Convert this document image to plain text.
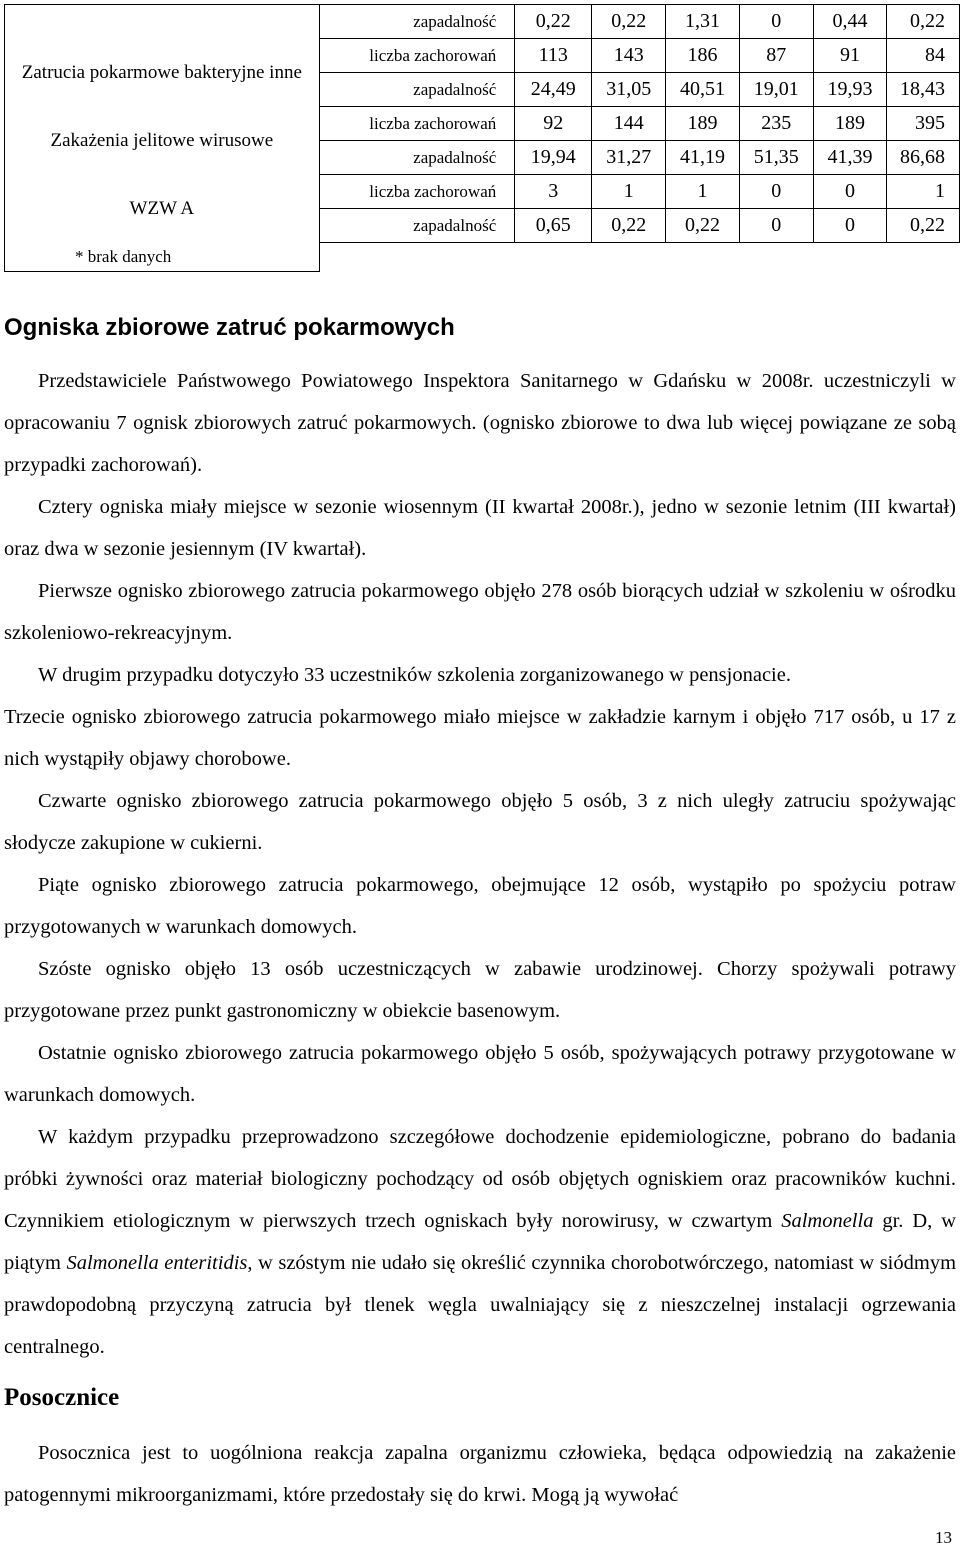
	zapadalność	0,22	0,22	1,31	0	0,44	0,22
Zatrucia pokarmowe bakteryjne inne	liczba zachorowań	113	143	186	87	91	84
	zapadalność	24,49	31,05	40,51	19,01	19,93	18,43
Zakażenia jelitowe wirusowe	liczba zachorowań	92	144	189	235	189	395
	zapadalność	19,94	31,27	41,19	51,35	41,39	86,68
WZW A	liczba zachorowań	3	1	1	0	0	1
	zapadalność	0,65	0,22	0,22	0	0	0,22
* brak danych							
Ogniska zbiorowe zatruć pokarmowych

Przedstawiciele Państwowego Powiatowego Inspektora Sanitarnego w Gdańsku w 2008r. uczestniczyli w opracowaniu 7 ognisk zbiorowych zatruć pokarmowych. (ognisko zbiorowe to dwa lub więcej powiązane ze sobą przypadki zachorowań).

Cztery ogniska miały miejsce w sezonie wiosennym (II kwartał 2008r.), jedno w sezonie letnim (III kwartał) oraz dwa w sezonie jesiennym (IV kwartał).

Pierwsze ognisko zbiorowego zatrucia pokarmowego objęło 278 osób biorących udział w szkoleniu w ośrodku szkoleniowo-rekreacyjnym.

W drugim przypadku dotyczyło 33 uczestników szkolenia zorganizowanego w pensjonacie.

Trzecie ognisko zbiorowego zatrucia pokarmowego miało miejsce w zakładzie karnym i objęło 717 osób, u 17 z nich wystąpiły objawy chorobowe.

Czwarte ognisko zbiorowego zatrucia pokarmowego objęło 5 osób, 3 z nich uległy zatruciu spożywając słodycze zakupione w cukierni.

Piąte ognisko zbiorowego zatrucia pokarmowego, obejmujące 12 osób, wystąpiło po spożyciu potraw przygotowanych w warunkach domowych.

Szóste ognisko objęło 13 osób uczestniczących w zabawie urodzinowej. Chorzy spożywali potrawy przygotowane przez punkt gastronomiczny w obiekcie basenowym.

Ostatnie ognisko zbiorowego zatrucia pokarmowego objęło 5 osób, spożywających potrawy przygotowane w warunkach domowych.

W każdym przypadku przeprowadzono szczegółowe dochodzenie epidemiologiczne, pobrano do badania próbki żywności oraz materiał biologiczny pochodzący od osób objętych ogniskiem oraz pracowników kuchni. Czynnikiem etiologicznym w pierwszych trzech ogniskach były norowirusy, w czwartym Salmonella gr. D, w piątym Salmonella enteritidis, w szóstym nie udało się określić czynnika chorobotwórczego, natomiast w siódmym prawdopodobną przyczyną zatrucia był tlenek węgla uwalniający się z nieszczelnej instalacji ogrzewania centralnego.

Posocznice

Posocznica jest to uogólniona reakcja zapalna organizmu człowieka, będąca odpowiedzią na zakażenie patogennymi mikroorganizmami, które przedostały się do krwi. Mogą ją wywołać

13
